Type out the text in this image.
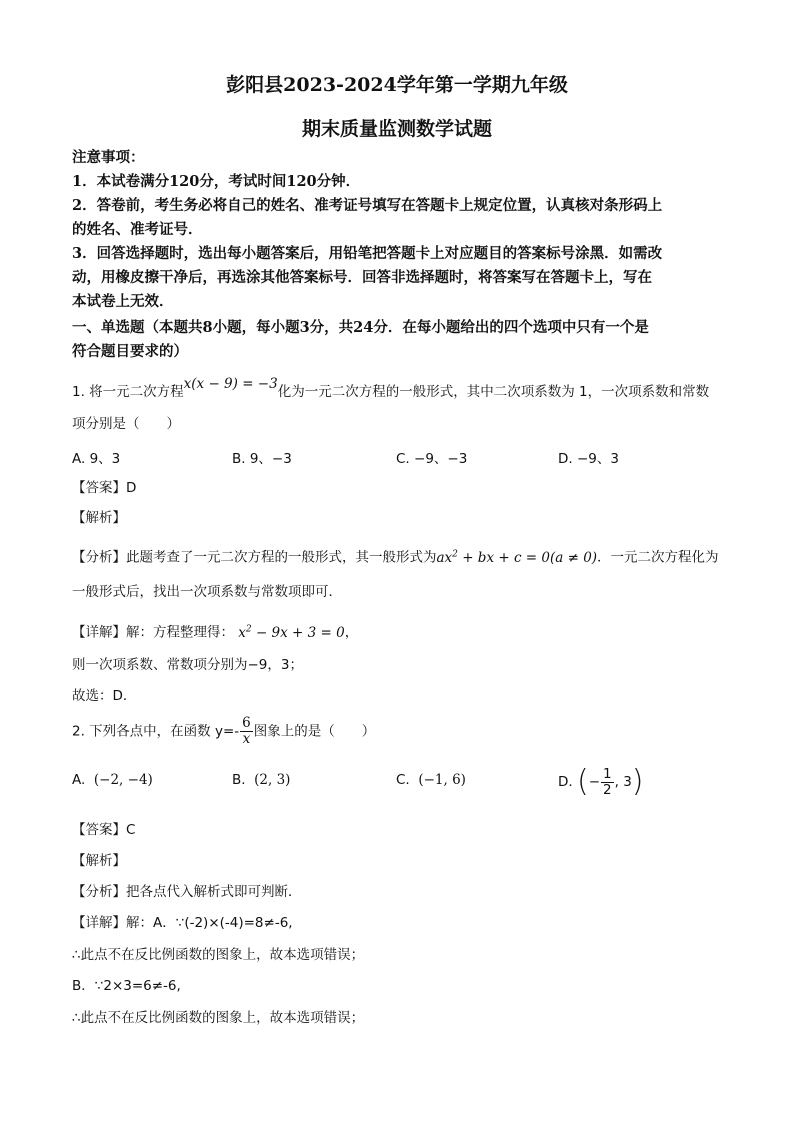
彭阳县2023-2024学年第一学期九年级
期末质量监测数学试题
注意事项：
1．本试卷满分120分，考试时间120分钟．
2．答卷前，考生务必将自己的姓名、准考证号填写在答题卡上规定位置，认真核对条形码上
的姓名、准考证号．
3．回答选择题时，选出每小题答案后，用铅笔把答题卡上对应题目的答案标号涂黑．如需改
动，用橡皮擦干净后，再选涂其他答案标号．回答非选择题时，将答案写在答题卡上，写在
本试卷上无效．
一、单选题（本题共8小题，每小题3分，共24分．在每小题给出的四个选项中只有一个是
符合题目要求的）
1. 将一元二次方程x(x − 9) = −3化为一元二次方程的一般形式，其中二次项系数为 1，一次项系数和常数
项分别是（　　）
A. 9、3	B. 9、−3	C. −9、−3	D. −9、3
【答案】D
【解析】
【分析】此题考查了一元二次方程的一般形式，其一般形式为$ax^2$ + bx + c = 0(a ≠ 0)．一元二次方程化为
一般形式后，找出一次项系数与常数项即可．
【详解】解：方程整理得： $x^2 - 9x + 3 = 0$，
则一次项系数、常数项分别为−9，3；
故选：D．
2. 下列各点中，在函数 $y=- \frac{6}{x}$ 图象上的是（　　）
A. (−2, −4)	B. (2, 3)	C. (−1, 6)	D. (− $\frac{1}{2}$ , 3)
【答案】C
【解析】
【分析】把各点代入解析式即可判断．
【详解】解：A．∵(-2)×(-4)=8≠-6,
∴此点不在反比例函数的图象上，故本选项错误；
B．∵2×3=6≠-6,
∴此点不在反比例函数的图象上，故本选项错误；
